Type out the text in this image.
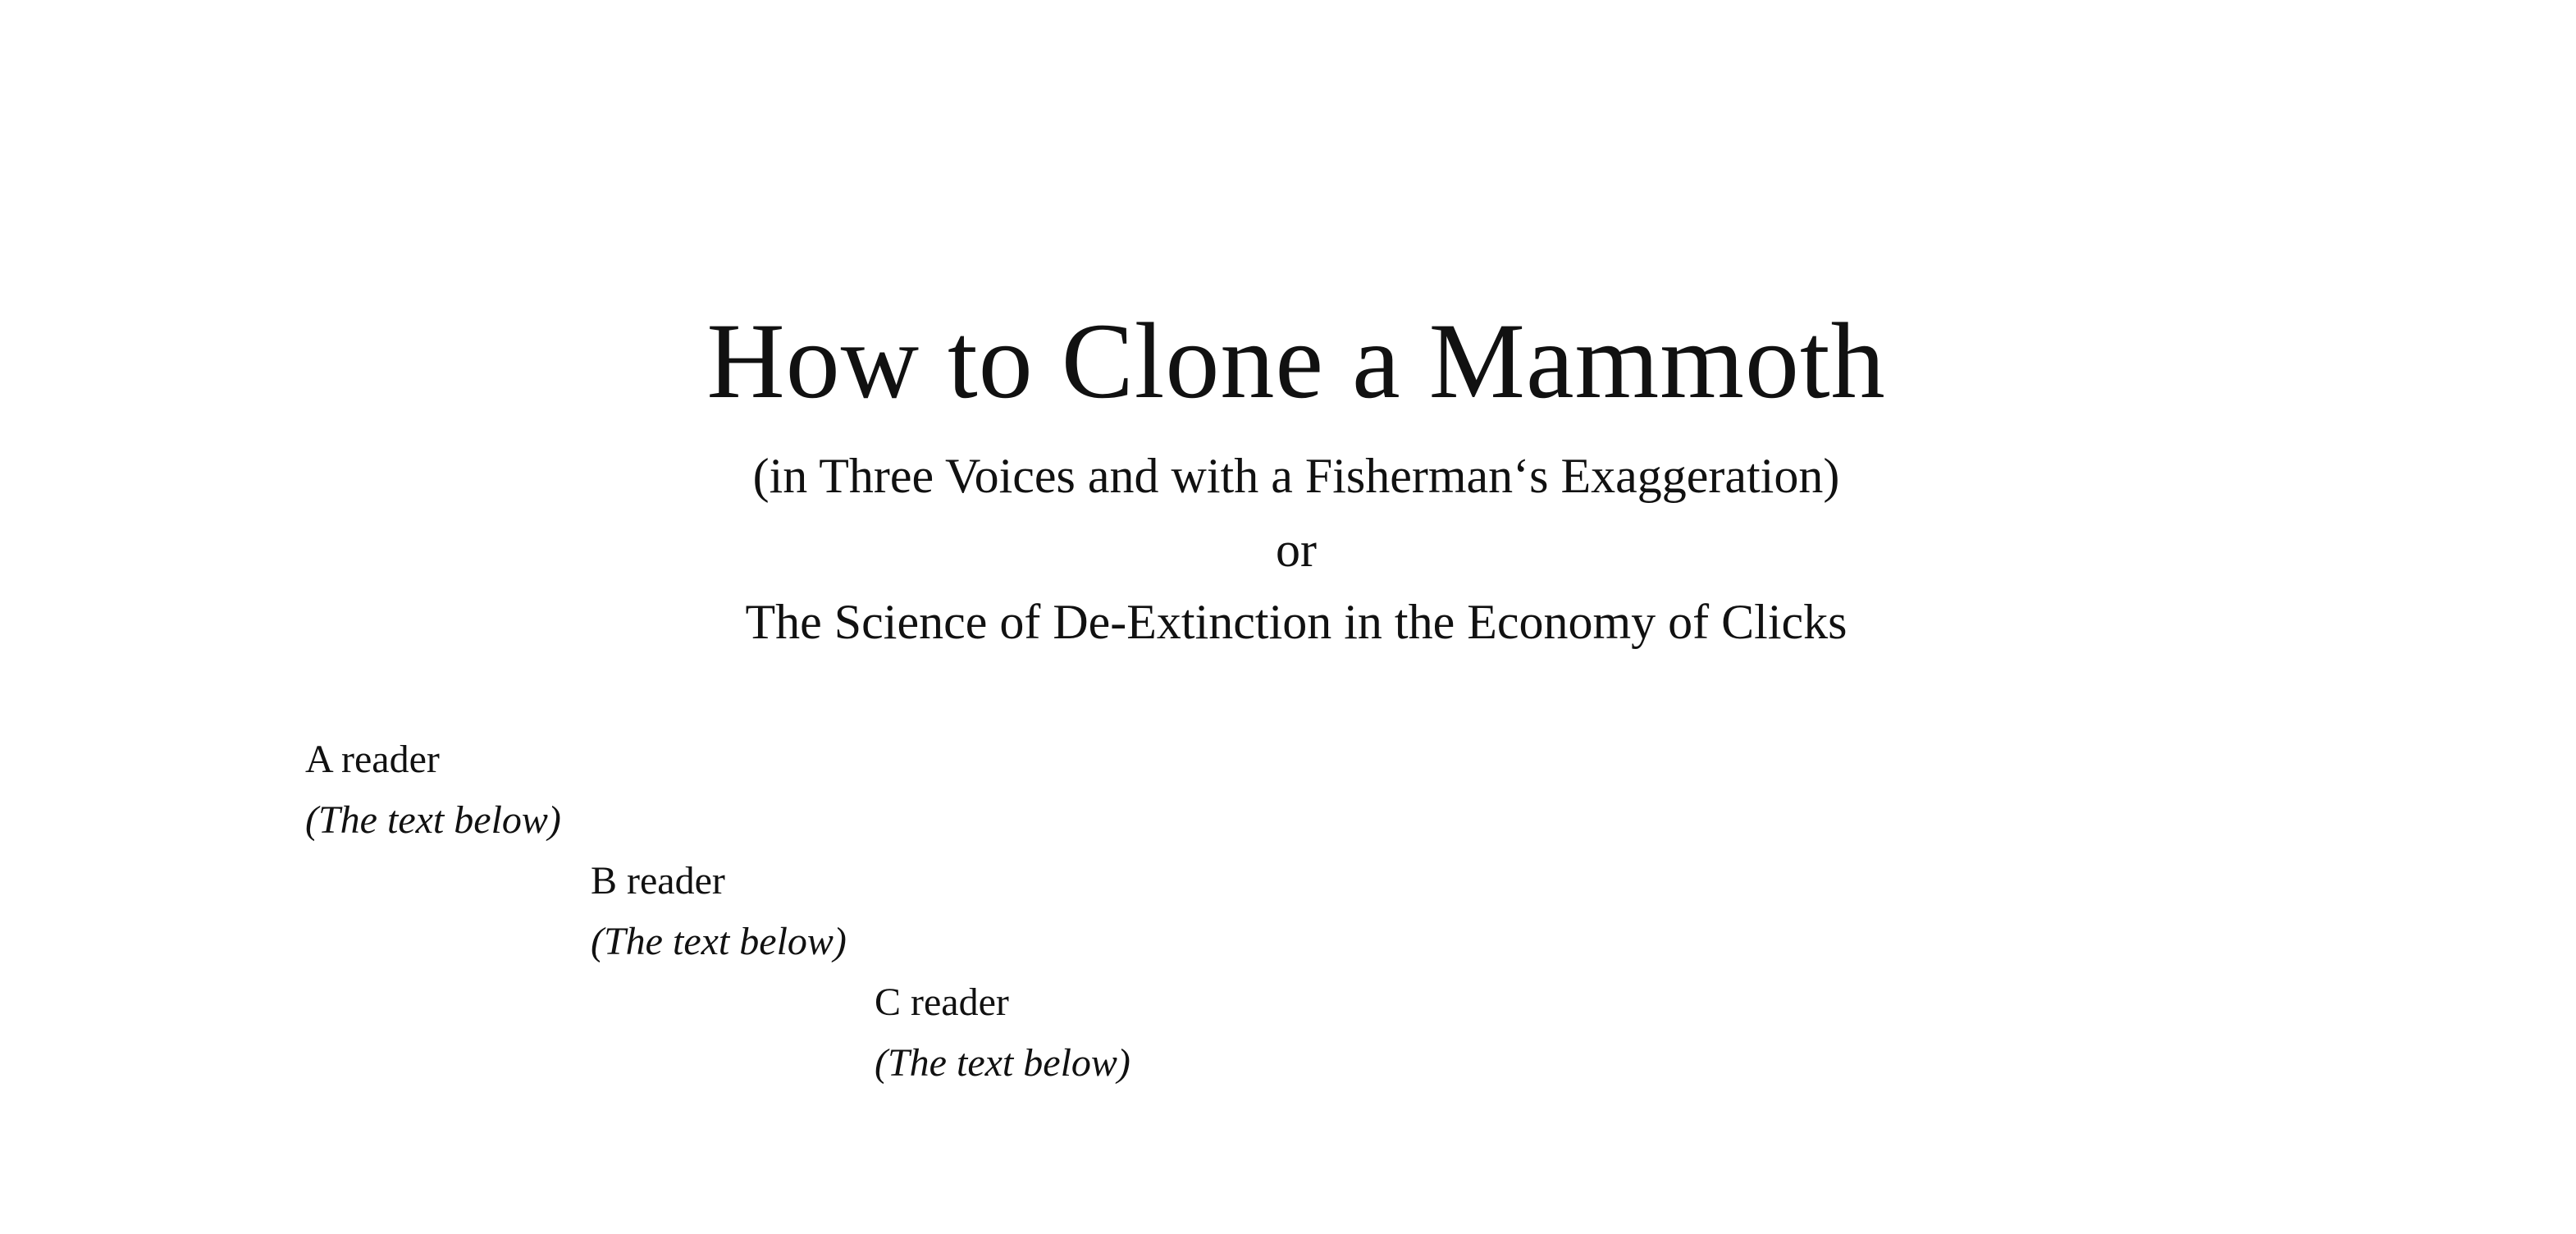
How to Clone a Mammoth

(in Three Voices and with a Fisherman‘s Exaggeration)

or

The Science of De-Extinction in the Economy of Clicks

A reader

(The text below)

B reader

(The text below)

C reader

(The text below)
